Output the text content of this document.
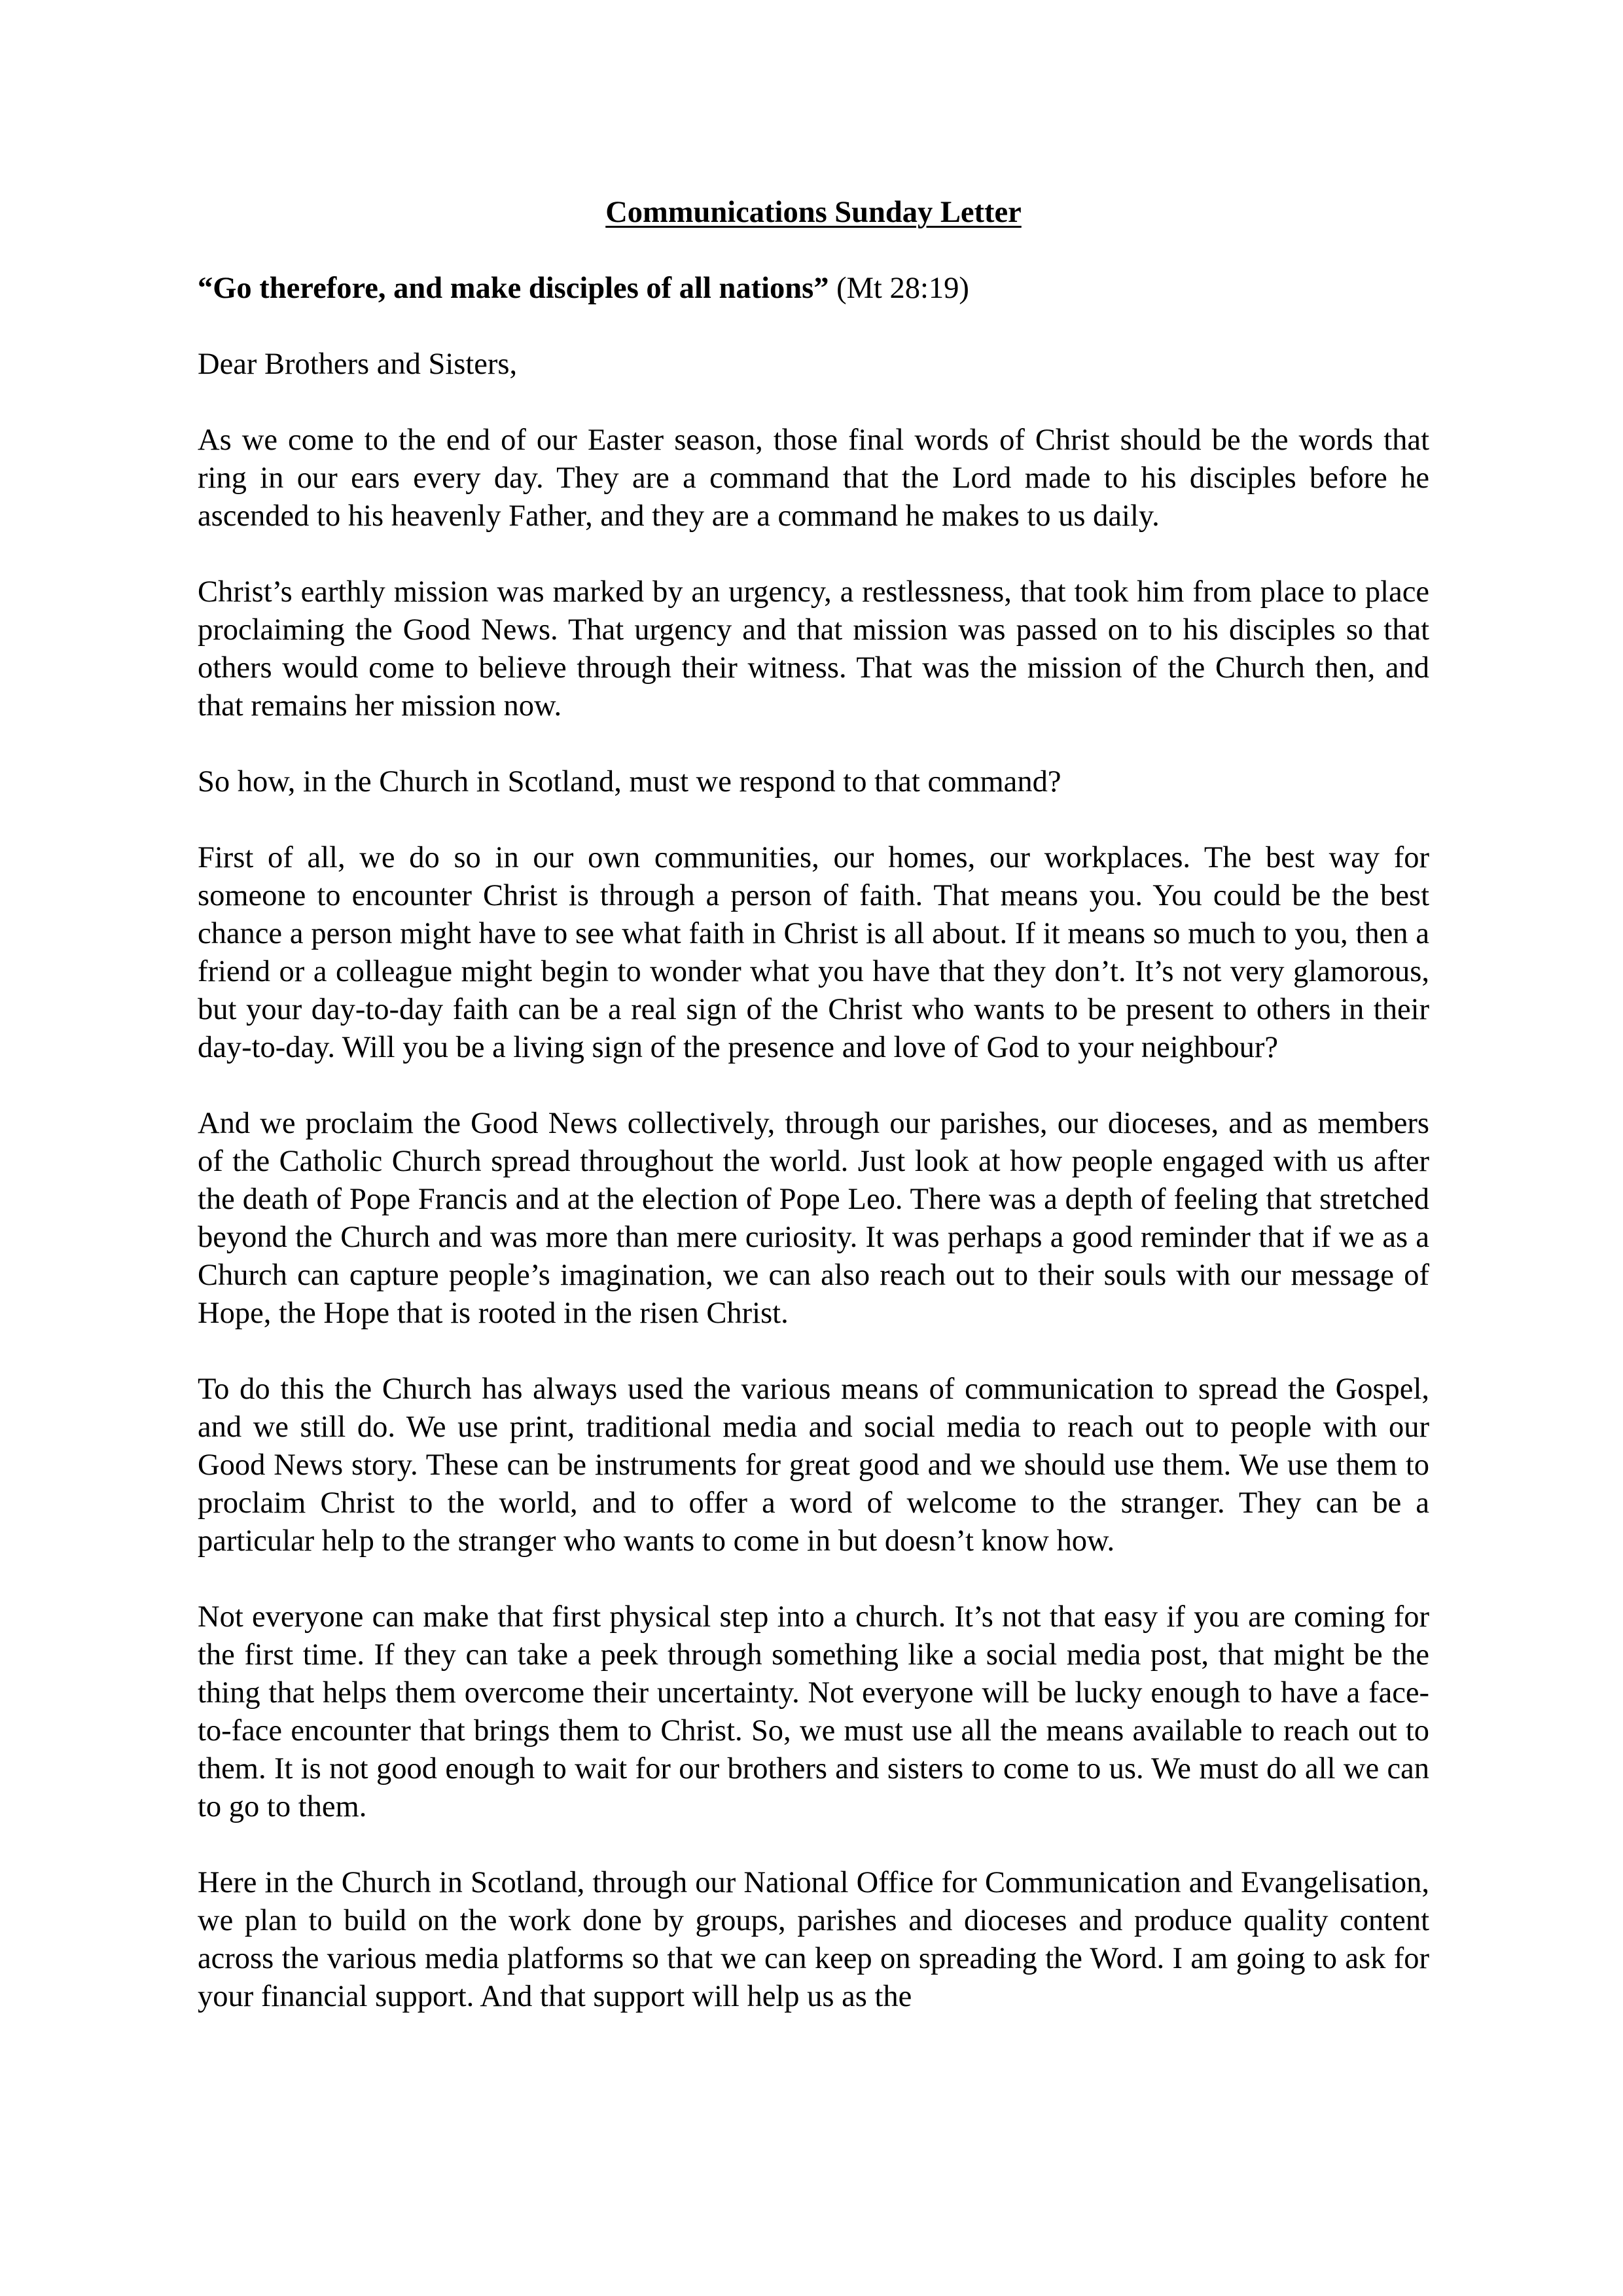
Communications Sunday Letter
“Go therefore, and make disciples of all nations” (Mt 28:19)
Dear Brothers and Sisters,
As we come to the end of our Easter season, those final words of Christ should be the words that ring in our ears every day. They are a command that the Lord made to his disciples before he ascended to his heavenly Father, and they are a command he makes to us daily.
Christ’s earthly mission was marked by an urgency, a restlessness, that took him from place to place proclaiming the Good News. That urgency and that mission was passed on to his disciples so that others would come to believe through their witness. That was the mission of the Church then, and that remains her mission now.
So how, in the Church in Scotland, must we respond to that command?
First of all, we do so in our own communities, our homes, our workplaces. The best way for someone to encounter Christ is through a person of faith. That means you. You could be the best chance a person might have to see what faith in Christ is all about. If it means so much to you, then a friend or a colleague might begin to wonder what you have that they don’t. It’s not very glamorous, but your day-to-day faith can be a real sign of the Christ who wants to be present to others in their day-to-day. Will you be a living sign of the presence and love of God to your neighbour?
And we proclaim the Good News collectively, through our parishes, our dioceses, and as members of the Catholic Church spread throughout the world. Just look at how people engaged with us after the death of Pope Francis and at the election of Pope Leo. There was a depth of feeling that stretched beyond the Church and was more than mere curiosity. It was perhaps a good reminder that if we as a Church can capture people’s imagination, we can also reach out to their souls with our message of Hope, the Hope that is rooted in the risen Christ.
To do this the Church has always used the various means of communication to spread the Gospel, and we still do. We use print, traditional media and social media to reach out to people with our Good News story. These can be instruments for great good and we should use them. We use them to proclaim Christ to the world, and to offer a word of welcome to the stranger. They can be a particular help to the stranger who wants to come in but doesn’t know how.
Not everyone can make that first physical step into a church. It’s not that easy if you are coming for the first time. If they can take a peek through something like a social media post, that might be the thing that helps them overcome their uncertainty. Not everyone will be lucky enough to have a face-to-face encounter that brings them to Christ. So, we must use all the means available to reach out to them. It is not good enough to wait for our brothers and sisters to come to us. We must do all we can to go to them.
Here in the Church in Scotland, through our National Office for Communication and Evangelisation, we plan to build on the work done by groups, parishes and dioceses and produce quality content across the various media platforms so that we can keep on spreading the Word. I am going to ask for your financial support. And that support will help us as the
